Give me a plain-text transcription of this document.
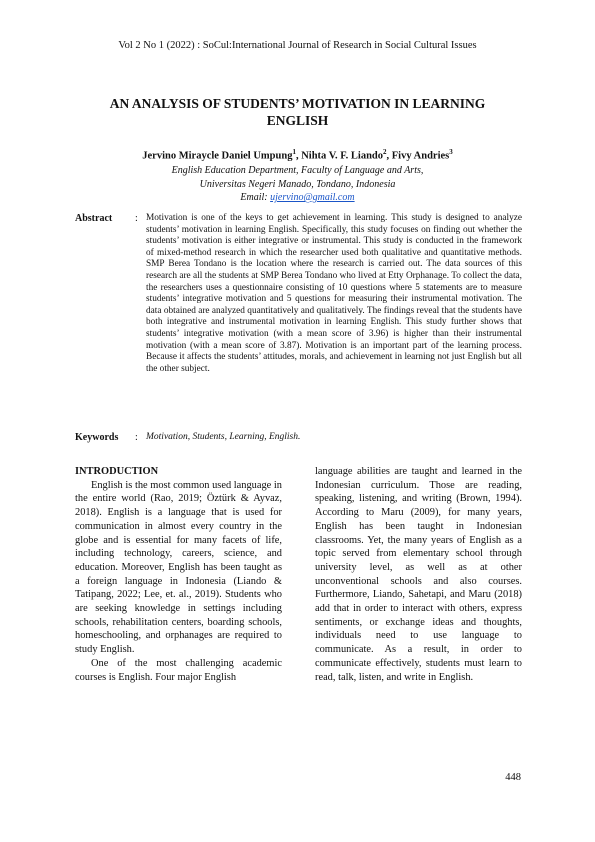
Vol 2 No 1 (2022) : SoCul:International Journal of Research in Social Cultural Issues
AN ANALYSIS OF STUDENTS’ MOTIVATION IN LEARNING
ENGLISH
Jervino Miraycle Daniel Umpung$^1$, Nihta V. F. Liando$^2$, Fivy Andries$^3$
English Education Department, Faculty of Language and Arts,
Universitas Negeri Manado, Tondano, Indonesia
Email: ujervino@gmail.com
Abstract : Motivation is one of the keys to get achievement in learning. This study is designed to analyze students’ motivation in learning English. Specifically, this study focuses on finding out whether the students’ motivation is either integrative or instrumental. This study is conducted in the framework of mixed-method research in which the researcher used both qualitative and quantitative methods. SMP Berea Tondano is the location where the research is carried out. The data sources of this research are all the students at SMP Berea Tondano who lived at Etty Orphanage. To collect the data, the researchers uses a questionnaire consisting of 10 questions where 5 statements are to measure students’ integrative motivation and 5 questions for measuring their instrumental motivation. The data obtained are analyzed quantitatively and qualitatively. The findings reveal that the students have both integrative and instrumental motivation in learning English. This study further shows that students’ integrative motivation (with a mean score of 3.96) is higher than their instrumental motivation (with a mean score of 3.87). Motivation is an important part of the learning process. Because it affects the students’ attitudes, morals, and achievement in learning not just English but all the other subject.
Keywords : Motivation, Students, Learning, English.
INTRODUCTION

English is the most common used language in the entire world (Rao, 2019; Öztürk & Ayvaz, 2018). English is a language that is used for communication in almost every country in the globe and is essential for many facets of life, including technology, careers, science, and education. Moreover, English has been taught as a foreign language in Indonesia (Liando & Tatipang, 2022; Lee, et. al., 2019). Students who are seeking knowledge in settings including schools, rehabilitation centers, boarding schools, homeschooling, and orphanages are required to study English.

One of the most challenging academic courses is English. Four major English

language abilities are taught and learned in the Indonesian curriculum. Those are reading, speaking, listening, and writing (Brown, 1994). According to Maru (2009), for many years, English has been taught in Indonesian classrooms. Yet, the many years of English as a topic served from elementary school through university level, as well as at other unconventional schools and also courses. Furthermore, Liando, Sahetapi, and Maru (2018) add that in order to interact with others, express sentiments, or exchange ideas and thoughts, individuals need to use language to communicate. As a result, in order to communicate effectively, students must learn to read, talk, listen, and write in English.

448
